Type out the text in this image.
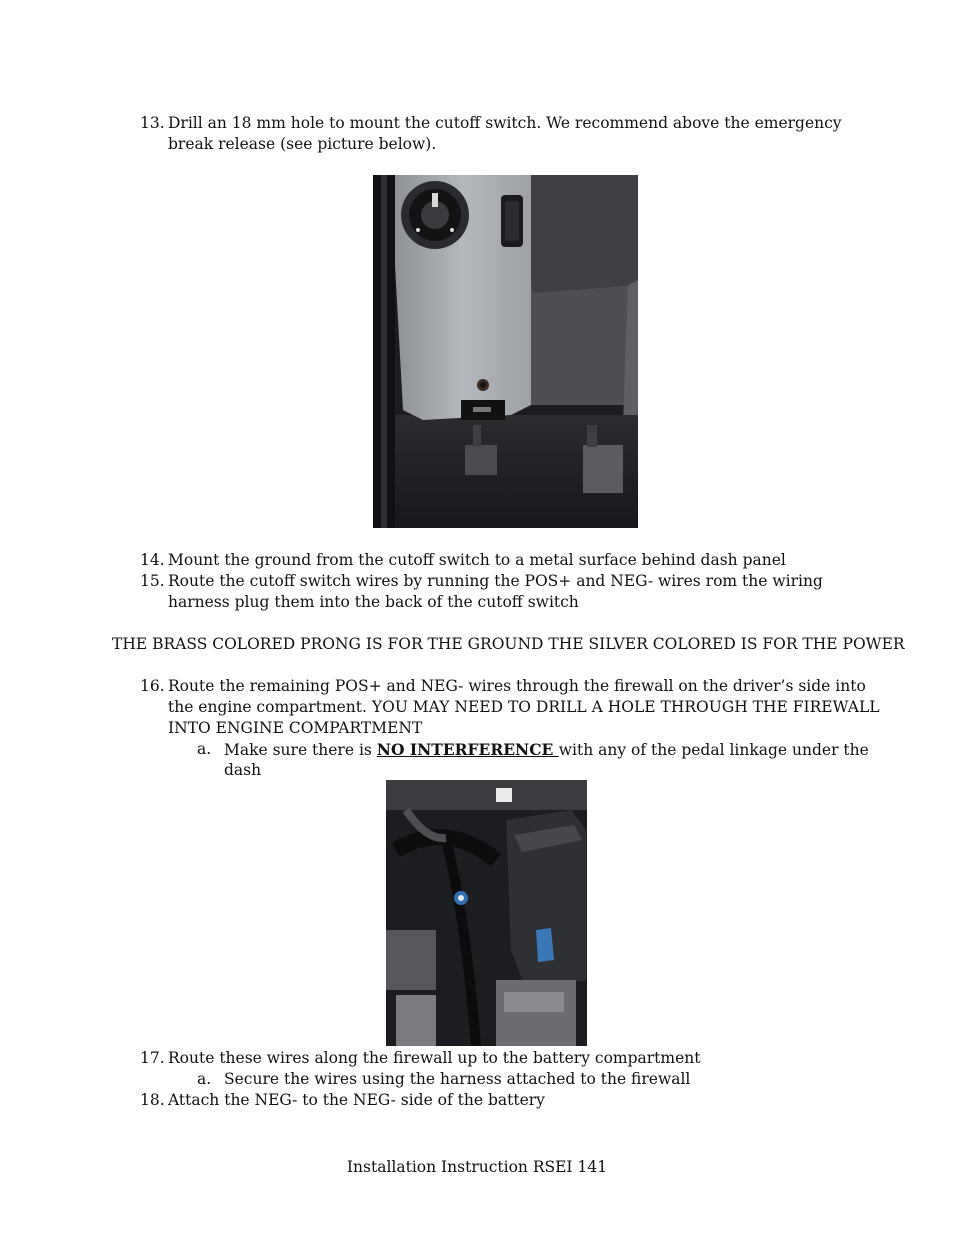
13. Drill an 18 mm hole to mount the cutoff switch. We recommend above the emergency
break release (see picture below).
14. Mount the ground from the cutoff switch to a metal surface behind dash panel
15. Route the cutoff switch wires by running the POS+ and NEG- wires rom the wiring
harness plug them into the back of the cutoff switch
THE BRASS COLORED PRONG IS FOR THE GROUND THE SILVER COLORED IS FOR THE POWER
16. Route the remaining POS+ and NEG- wires through the firewall on the driver’s side into
the engine compartment. YOU MAY NEED TO DRILL A HOLE THROUGH THE FIREWALL
INTO ENGINE COMPARTMENT
a. Make sure there is NO INTERFERENCE with any of the pedal linkage under the
dash
17. Route these wires along the firewall up to the battery compartment
a. Secure the wires using the harness attached to the firewall
18. Attach the NEG- to the NEG- side of the battery
Installation Instruction RSEI 141
